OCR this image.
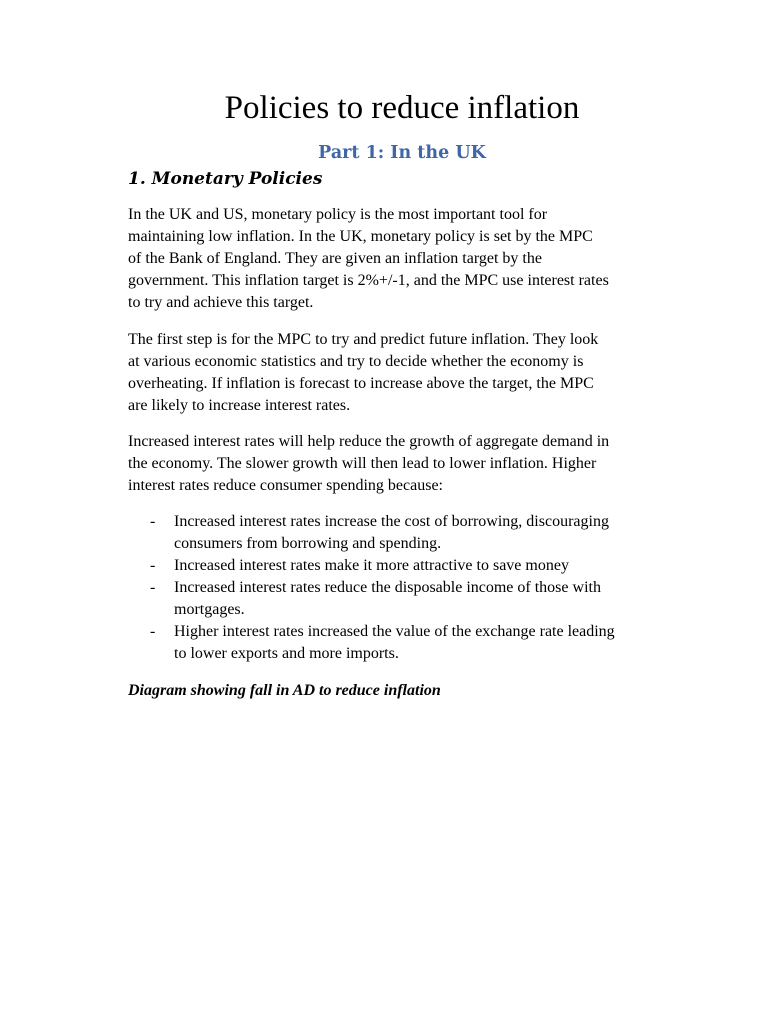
Policies to reduce inflation
Part 1: In the UK
1. Monetary Policies

In the UK and US, monetary policy is the most important tool for
maintaining low inflation. In the UK, monetary policy is set by the MPC
of the Bank of England. They are given an inflation target by the
government. This inflation target is 2%+/-1, and the MPC use interest rates
to try and achieve this target.

The first step is for the MPC to try and predict future inflation. They look
at various economic statistics and try to decide whether the economy is
overheating. If inflation is forecast to increase above the target, the MPC
are likely to increase interest rates.

Increased interest rates will help reduce the growth of aggregate demand in
the economy. The slower growth will then lead to lower inflation. Higher
interest rates reduce consumer spending because:

- Increased interest rates increase the cost of borrowing, discouraging
consumers from borrowing and spending.
- Increased interest rates make it more attractive to save money
- Increased interest rates reduce the disposable income of those with
mortgages.
- Higher interest rates increased the value of the exchange rate leading
to lower exports and more imports.

Diagram showing fall in AD to reduce inflation
